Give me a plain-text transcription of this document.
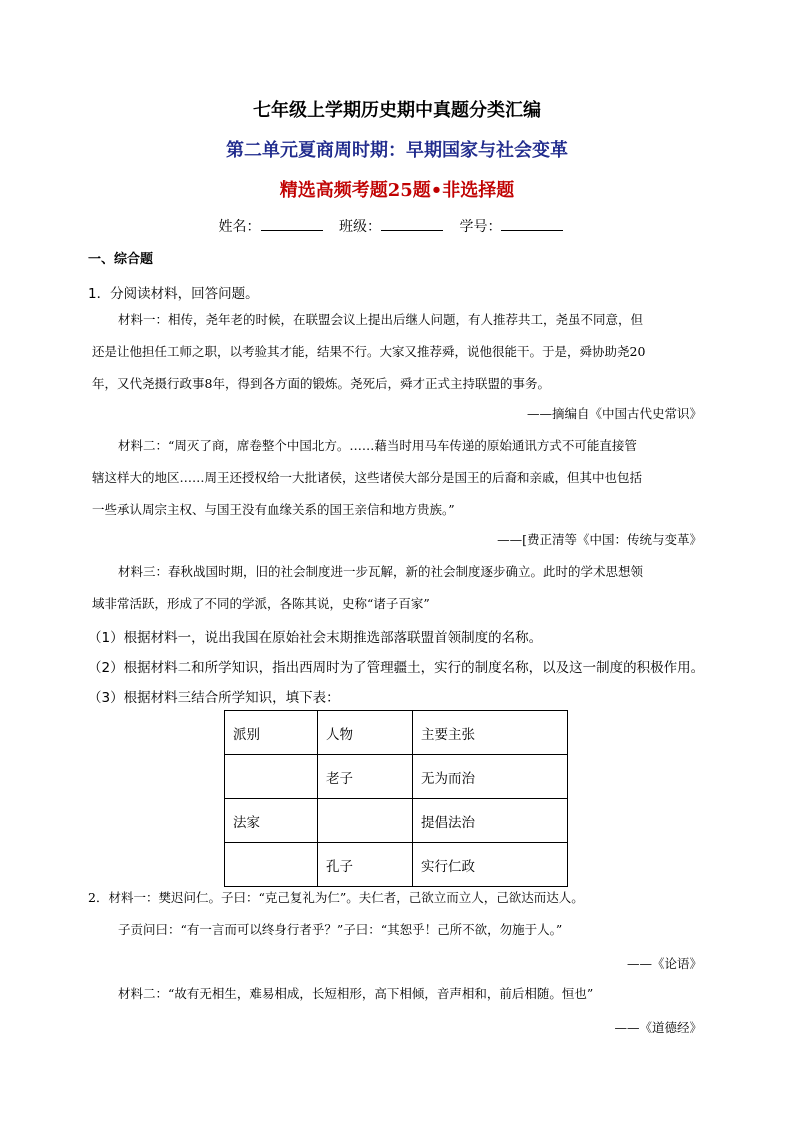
七年级上学期历史期中真题分类汇编
第二单元夏商周时期：早期国家与社会变革
精选高频考题25题•非选择题
姓名：	班级：	学号：
一、综合题
1．分阅读材料，回答问题。

材料一：相传，尧年老的时候，在联盟会议上提出后继人问题，有人推荐共工，尧虽不同意，但

还是让他担任工师之职，以考验其才能，结果不行。大家又推荐舜，说他很能干。于是，舜协助尧20

年，又代尧摄行政事8年，得到各方面的锻炼。尧死后，舜才正式主持联盟的事务。

——摘编自《中国古代史常识》

材料二：“周灭了商，席卷整个中国北方。……藉当时用马车传递的原始通讯方式不可能直接管

辖这样大的地区……周王还授权给一大批诸侯，这些诸侯大部分是国王的后裔和亲戚，但其中也包括

一些承认周宗主权、与国王没有血缘关系的国王亲信和地方贵族。”

——[费正清等《中国：传统与变革》

材料三：春秋战国时期，旧的社会制度进一步瓦解，新的社会制度逐步确立。此时的学术思想领

域非常活跃，形成了不同的学派，各陈其说，史称“诸子百家”

（1）根据材料一，说出我国在原始社会末期推选部落联盟首领制度的名称。
（2）根据材料二和所学知识，指出西周时为了管理疆土，实行的制度名称，以及这一制度的积极作用。
（3）根据材料三结合所学知识，填下表：
派别	人物	主要主张
	老子	无为而治
法家		提倡法治
	孔子	实行仁政

2．材料一：樊迟问仁。子曰：“克己复礼为仁”。夫仁者，己欲立而立人，己欲达而达人。

子贡问曰：“有一言而可以终身行者乎？”子曰：“其恕乎！己所不欲，勿施于人。”

——《论语》

材料二：“故有无相生，难易相成，长短相形，高下相倾，音声相和，前后相随。恒也”

——《道德经》
